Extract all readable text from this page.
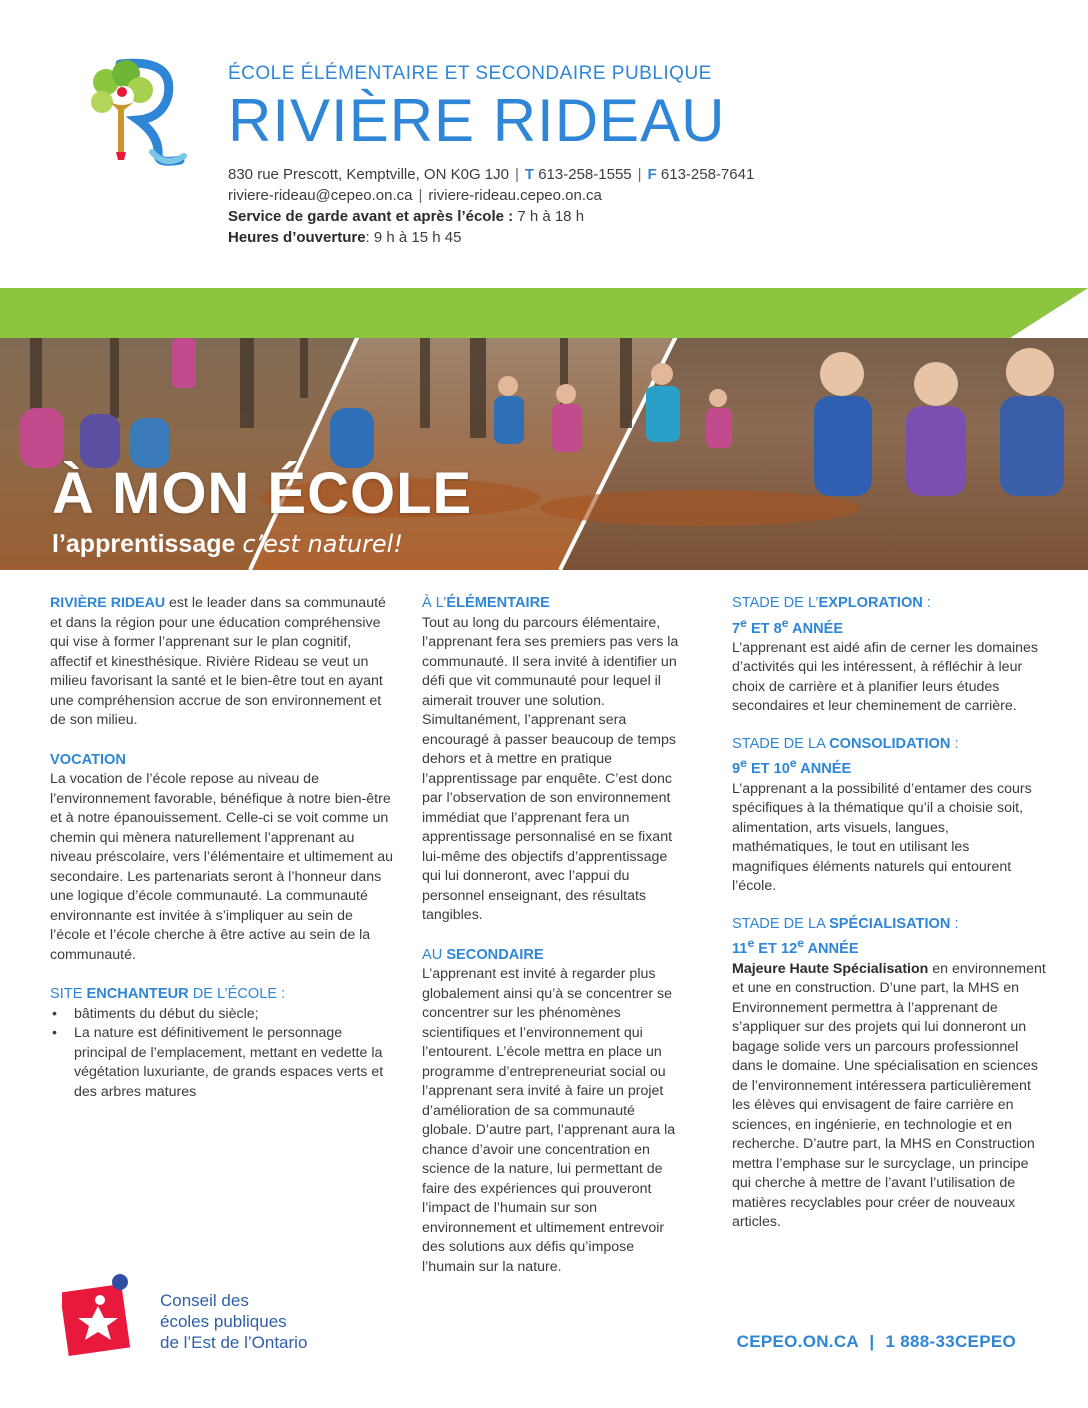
ÉCOLE ÉLÉMENTAIRE ET SECONDAIRE PUBLIQUE
RIVIÈRE RIDEAU
830 rue Prescott, Kemptville, ON K0G 1J0 | T 613-258-1555 | F 613-258-7641
riviere-rideau@cepeo.on.ca | riviere-rideau.cepeo.on.ca
Service de garde avant et après l’école : 7 h à 18 h
Heures d’ouverture: 9 h à 15 h 45
À MON ÉCOLE
l’apprentissage c’est naturel!

RIVIÈRE RIDEAU est le leader dans sa communauté et dans la région pour une éducation compréhensive qui vise à former l’apprenant sur le plan cognitif, affectif et kinesthésique. Rivière Rideau se veut un milieu favorisant la santé et le bien-être tout en ayant une compréhension accrue de son environnement et de son milieu.

VOCATION

La vocation de l’école repose au niveau de l’environnement favorable, bénéfique à notre bien-être et à notre épanouissement. Celle-ci se voit comme un chemin qui mènera naturellement l’apprenant au niveau préscolaire, vers l’élémentaire et ultimement au secondaire. Les partenariats seront à l’honneur dans une logique d’école communauté. La communauté environnante est invitée à s’impliquer au sein de l’école et l’école cherche à être active au sein de la communauté.

SITE ENCHANTEUR DE L’ÉCOLE :
• bâtiments du début du siècle;
• La nature est définitivement le personnage principal de l’emplacement, mettant en vedette la végétation luxuriante, de grands espaces verts et des arbres matures
À L’ÉLÉMENTAIRE

Tout au long du parcours élémentaire, l’apprenant fera ses premiers pas vers la communauté. Il sera invité à identifier un défi que vit communauté pour lequel il aimerait trouver une solution. Simultanément, l’apprenant sera encouragé à passer beaucoup de temps dehors et à mettre en pratique l’apprentissage par enquête. C’est donc par l’observation de son environnement immédiat que l’apprenant fera un apprentissage personnalisé en se fixant lui-même des objectifs d’apprentissage qui lui donneront, avec l’appui du personnel enseignant, des résultats tangibles.

AU SECONDAIRE

L’apprenant est invité à regarder plus globalement ainsi qu’à se concentrer se concentrer sur les phénomènes scientifiques et l’environnement qui l’entourent. L’école mettra en place un programme d’entrepreneuriat social ou l’apprenant sera invité à faire un projet d’amélioration de sa communauté globale. D’autre part, l’apprenant aura la chance d’avoir une concentration en science de la nature, lui permettant de faire des expériences qui prouveront l’impact de l’humain sur son environnement et ultimement entrevoir des solutions aux défis qu’impose l’humain sur la nature.

STADE DE L’EXPLORATION :
7e ET 8e ANNÉE

L’apprenant est aidé afin de cerner les domaines d’activités qui les intéressent, à réfléchir à leur choix de carrière et à planifier leurs études secondaires et leur cheminement de carrière.

STADE DE LA CONSOLIDATION :
9e ET 10e ANNÉE

L’apprenant a la possibilité d’entamer des cours spécifiques à la thématique qu’il a choisie soit, alimentation, arts visuels, langues, mathématiques, le tout en utilisant les magnifiques éléments naturels qui entourent l’école.

STADE DE LA SPÉCIALISATION :
11e ET 12e ANNÉE

Majeure Haute Spécialisation en environnement et une en construction. D’une part, la MHS en Environnement permettra à l’apprenant de s’appliquer sur des projets qui lui donneront un bagage solide vers un parcours professionnel dans le domaine. Une spécialisation en sciences de l’environnement intéressera particulièrement les élèves qui envisagent de faire carrière en sciences, en ingénierie, en technologie et en recherche. D’autre part, la MHS en Construction mettra l’emphase sur le surcyclage, un principe qui cherche à mettre de l’avant l’utilisation de matières recyclables pour créer de nouveaux articles.

Conseil des
écoles publiques
de l’Est de l’Ontario	CEPEO.ON.CA | 1 888-33CEPEO
